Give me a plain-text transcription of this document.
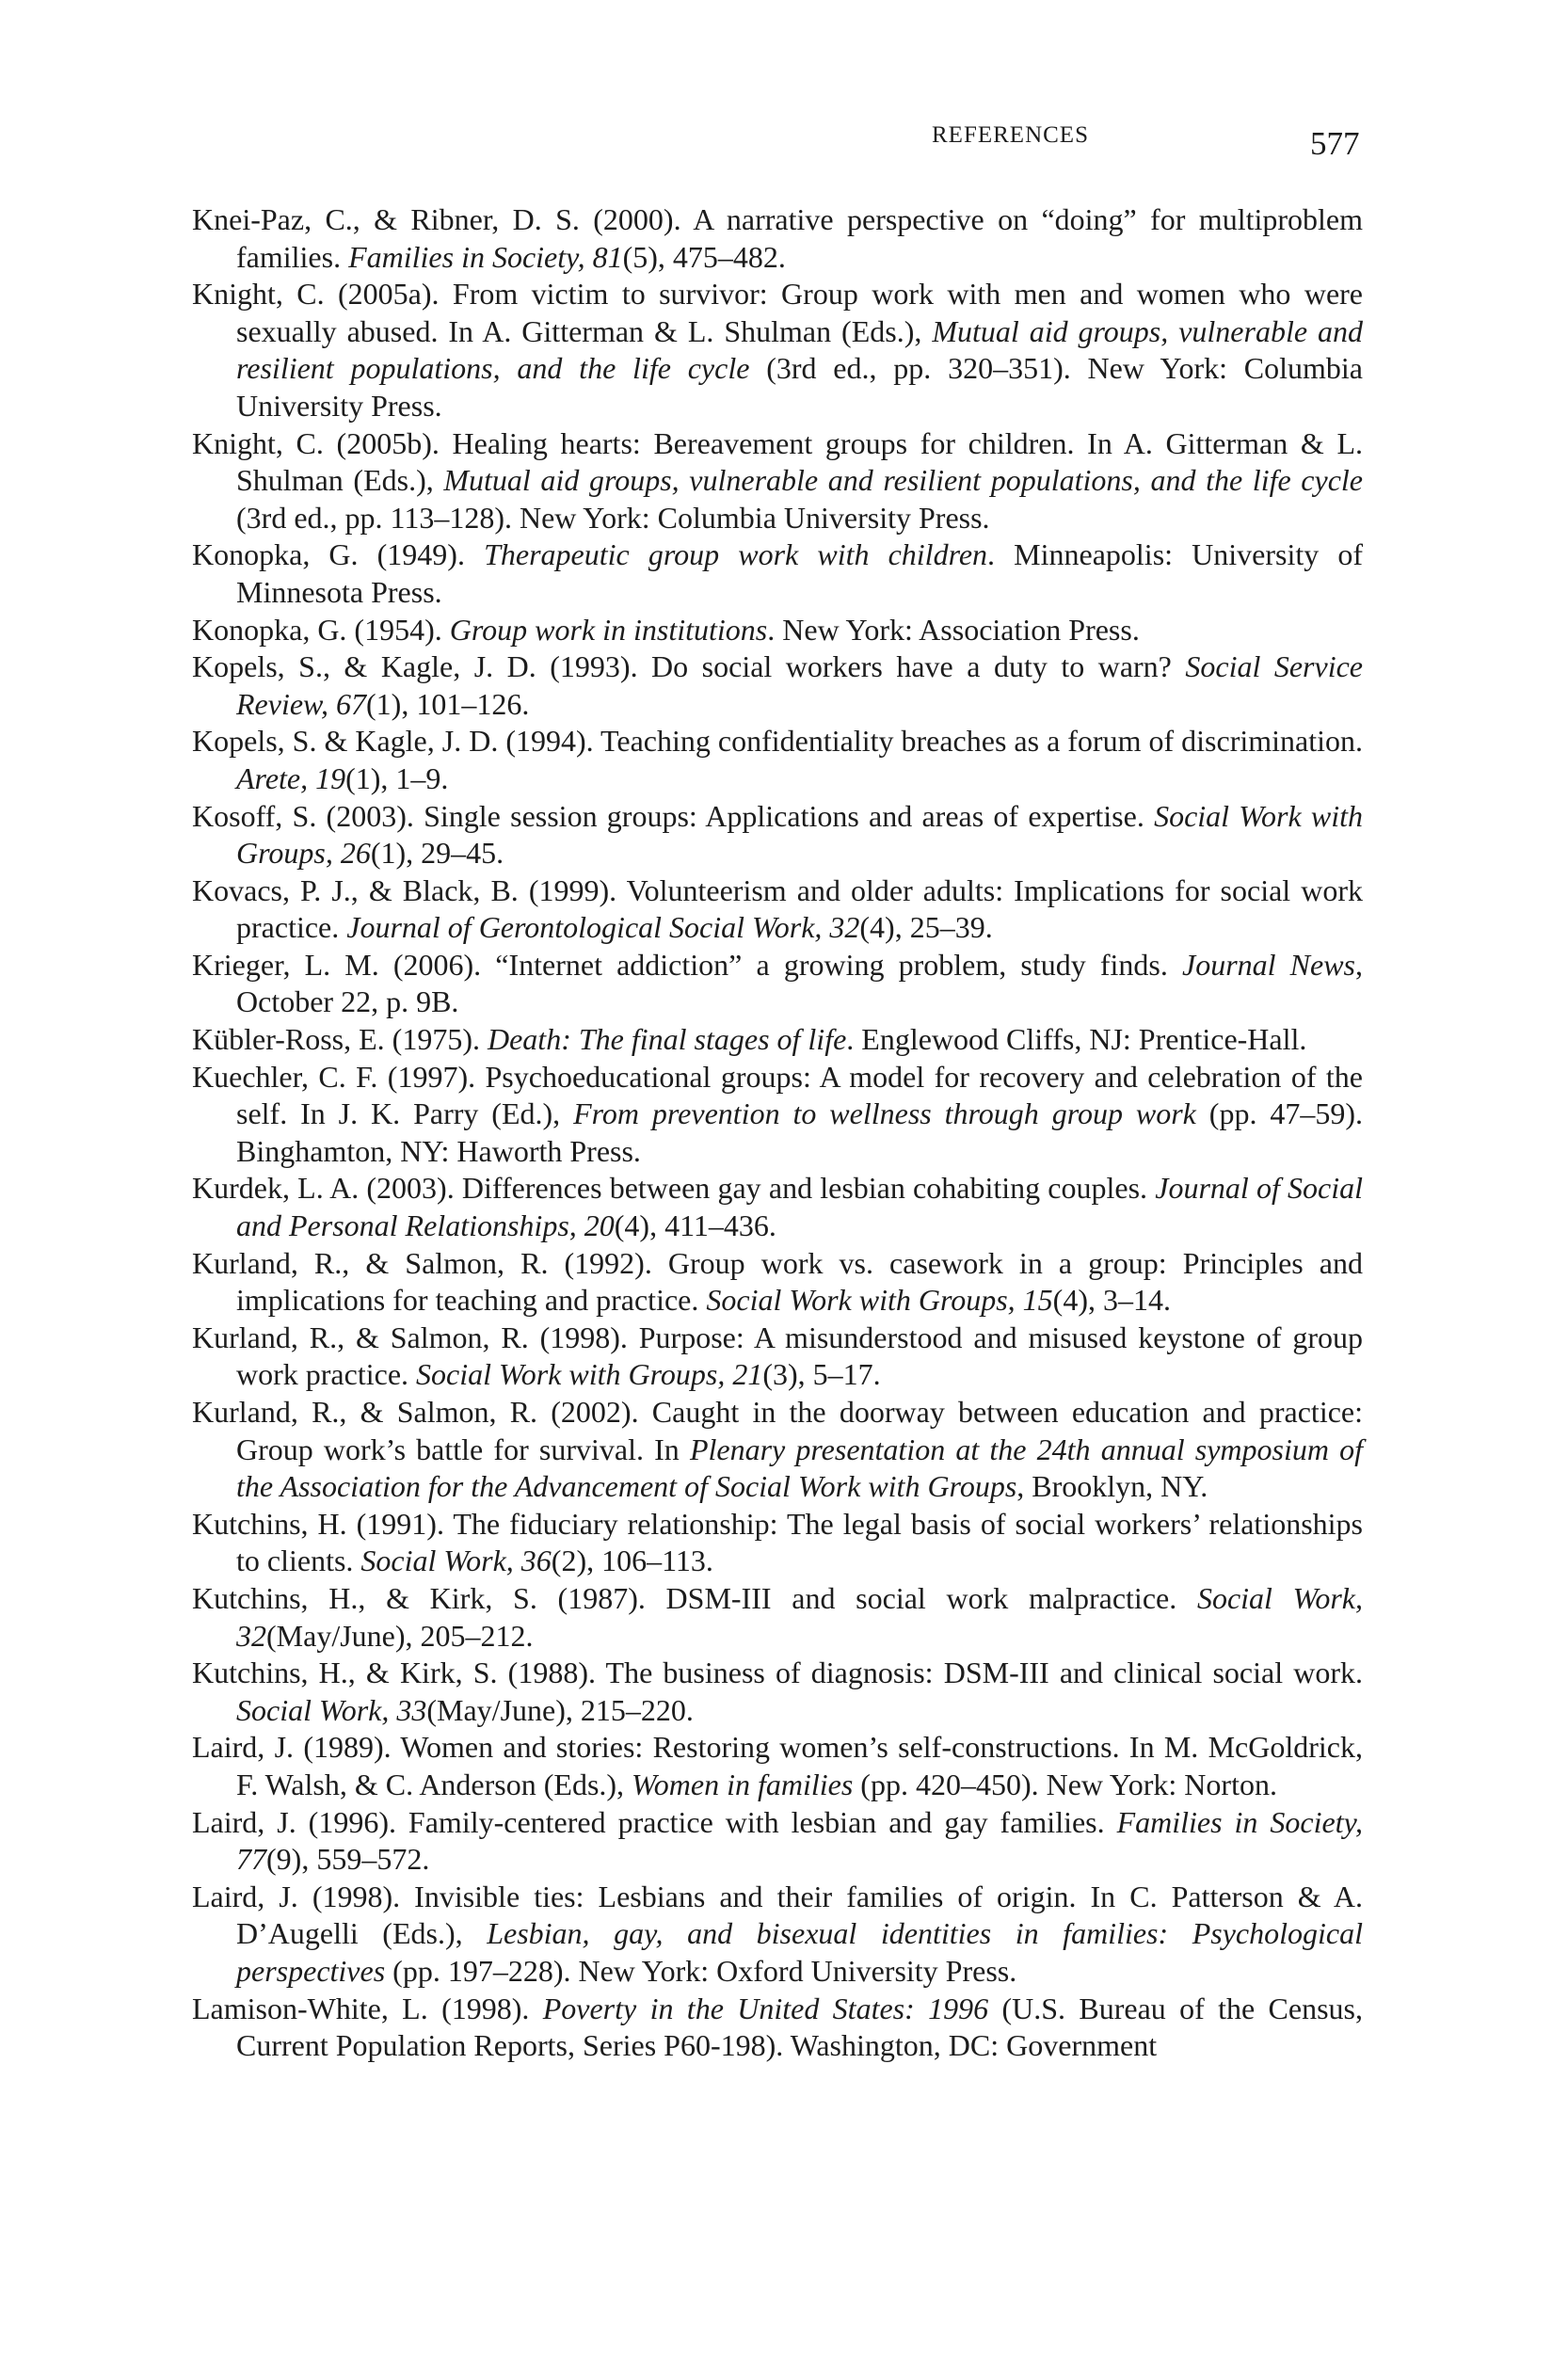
REFERENCES	577
Knei-Paz, C., & Ribner, D. S. (2000). A narrative perspective on “doing” for multiproblem families. Families in Society, 81(5), 475–482.
Knight, C. (2005a). From victim to survivor: Group work with men and women who were sexually abused. In A. Gitterman & L. Shulman (Eds.), Mutual aid groups, vulnerable and resilient populations, and the life cycle (3rd ed., pp. 320–351). New York: Columbia University Press.
Knight, C. (2005b). Healing hearts: Bereavement groups for children. In A. Gitterman & L. Shulman (Eds.), Mutual aid groups, vulnerable and resilient populations, and the life cycle (3rd ed., pp. 113–128). New York: Columbia University Press.
Konopka, G. (1949). Therapeutic group work with children. Minneapolis: University of Minnesota Press.
Konopka, G. (1954). Group work in institutions. New York: Association Press.
Kopels, S., & Kagle, J. D. (1993). Do social workers have a duty to warn? Social Service Review, 67(1), 101–126.
Kopels, S. & Kagle, J. D. (1994). Teaching confidentiality breaches as a forum of discrimination. Arete, 19(1), 1–9.
Kosoff, S. (2003). Single session groups: Applications and areas of expertise. Social Work with Groups, 26(1), 29–45.
Kovacs, P. J., & Black, B. (1999). Volunteerism and older adults: Implications for social work practice. Journal of Gerontological Social Work, 32(4), 25–39.
Krieger, L. M. (2006). “Internet addiction” a growing problem, study finds. Journal News, October 22, p. 9B.
Kübler-Ross, E. (1975). Death: The final stages of life. Englewood Cliffs, NJ: Prentice-Hall.
Kuechler, C. F. (1997). Psychoeducational groups: A model for recovery and celebration of the self. In J. K. Parry (Ed.), From prevention to wellness through group work (pp. 47–59). Binghamton, NY: Haworth Press.
Kurdek, L. A. (2003). Differences between gay and lesbian cohabiting couples. Journal of Social and Personal Relationships, 20(4), 411–436.
Kurland, R., & Salmon, R. (1992). Group work vs. casework in a group: Principles and implications for teaching and practice. Social Work with Groups, 15(4), 3–14.
Kurland, R., & Salmon, R. (1998). Purpose: A misunderstood and misused keystone of group work practice. Social Work with Groups, 21(3), 5–17.
Kurland, R., & Salmon, R. (2002). Caught in the doorway between education and practice: Group work’s battle for survival. In Plenary presentation at the 24th annual symposium of the Association for the Advancement of Social Work with Groups, Brooklyn, NY.
Kutchins, H. (1991). The fiduciary relationship: The legal basis of social workers’ relationships to clients. Social Work, 36(2), 106–113.
Kutchins, H., & Kirk, S. (1987). DSM-III and social work malpractice. Social Work, 32(May/June), 205–212.
Kutchins, H., & Kirk, S. (1988). The business of diagnosis: DSM-III and clinical social work. Social Work, 33(May/June), 215–220.
Laird, J. (1989). Women and stories: Restoring women’s self-constructions. In M. McGoldrick, F. Walsh, & C. Anderson (Eds.), Women in families (pp. 420–450). New York: Norton.
Laird, J. (1996). Family-centered practice with lesbian and gay families. Families in Society, 77(9), 559–572.
Laird, J. (1998). Invisible ties: Lesbians and their families of origin. In C. Patterson & A. D’Augelli (Eds.), Lesbian, gay, and bisexual identities in families: Psychological perspectives (pp. 197–228). New York: Oxford University Press.
Lamison-White, L. (1998). Poverty in the United States: 1996 (U.S. Bureau of the Census, Current Population Reports, Series P60-198). Washington, DC: Government
